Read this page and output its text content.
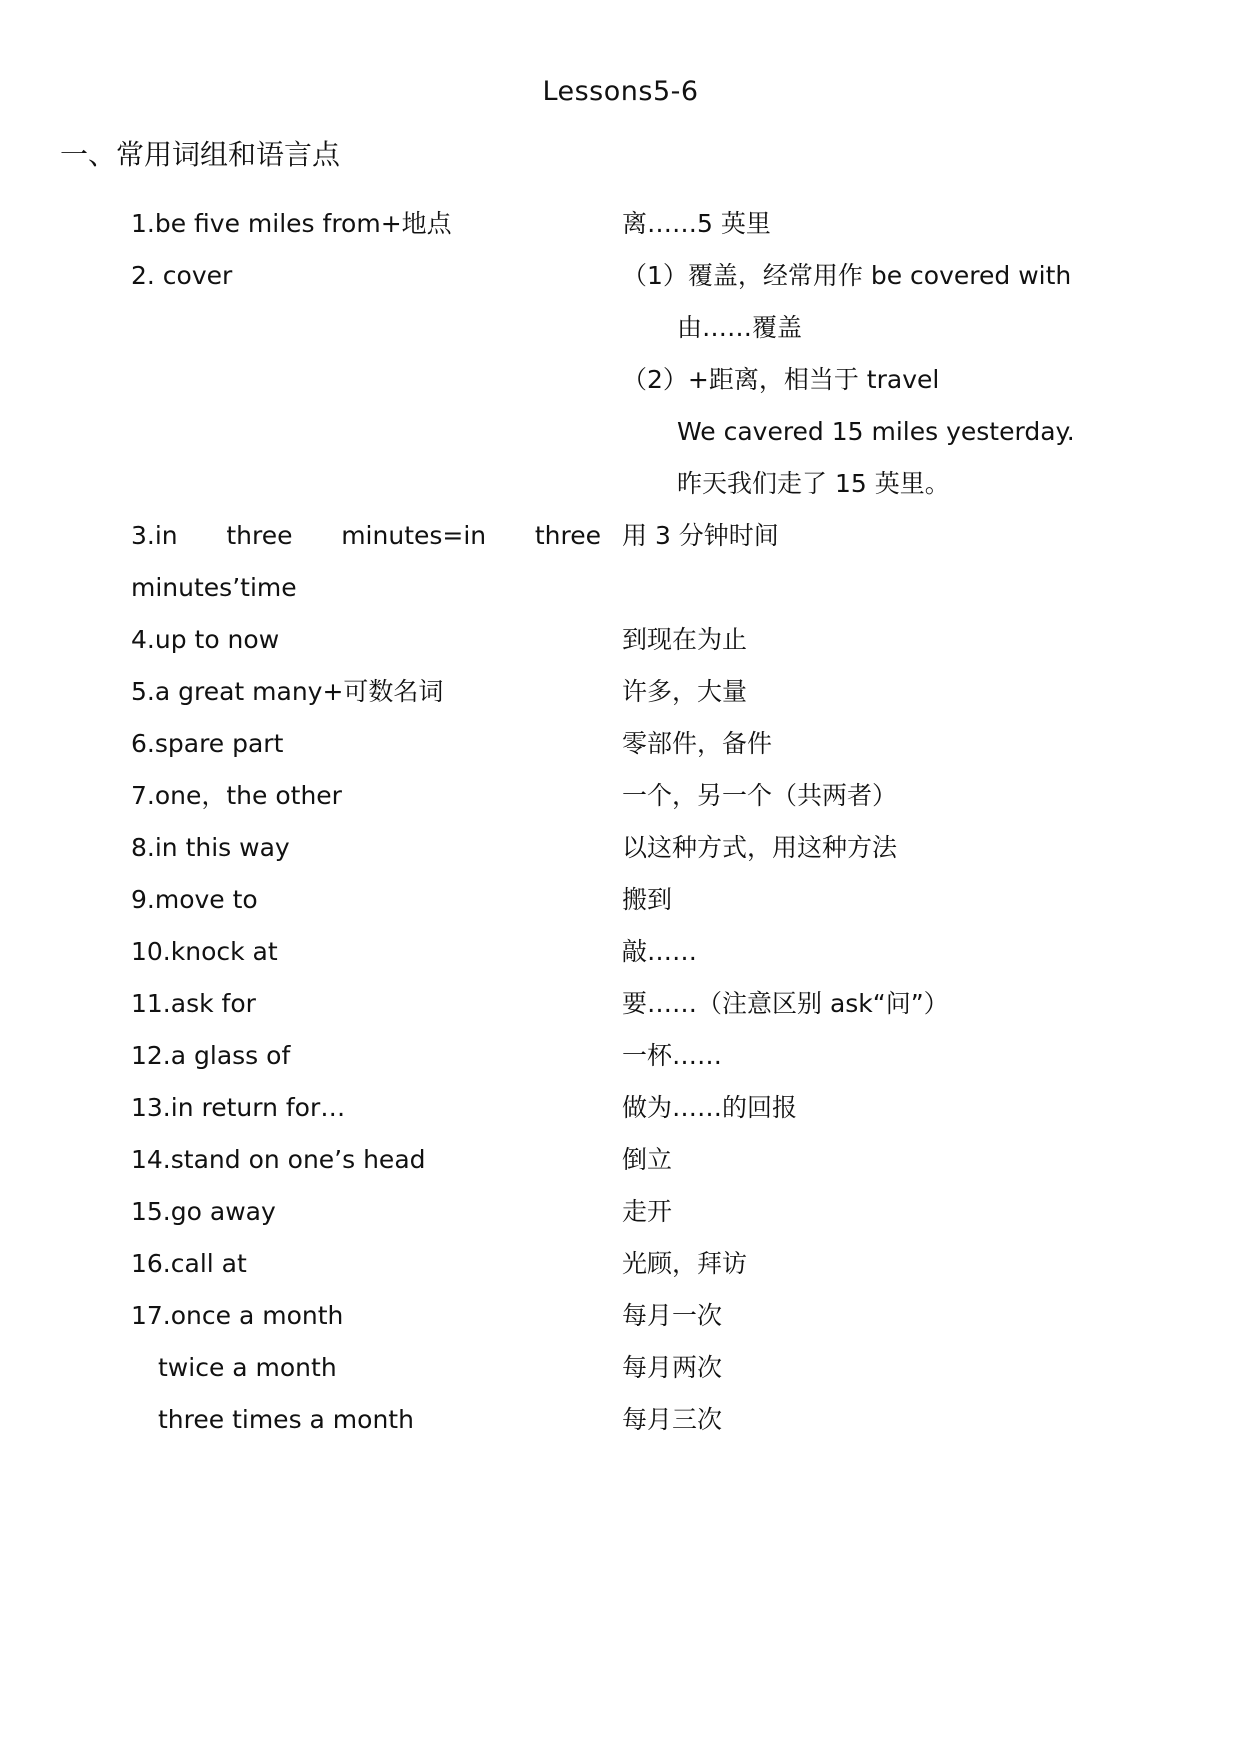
Lessons5-6
一、常用词组和语言点
1.be five miles from+地点	离……5 英里
2. cover	（1）覆盖，经常用作 be covered with
由……覆盖
（2）+距离，相当于 travel
We cavered 15 miles yesterday.
昨天我们走了 15 英里。
3.in three minutes=in three 用 3 分钟时间
minutes’time
4.up to now	到现在为止
5.a great many+可数名词	许多，大量
6.spare part	零部件，备件
7.one，the other	一个，另一个（共两者）
8.in this way	以这种方式，用这种方法
9.move to	搬到
10.knock at	敲……
11.ask for	要……（注意区别 ask“问”）
12.a glass of	一杯……
13.in return for…	做为……的回报
14.stand on one’s head	倒立
15.go away	走开
16.call at	光顾，拜访
17.once a month	每月一次
twice a month	每月两次
three times a month	每月三次
